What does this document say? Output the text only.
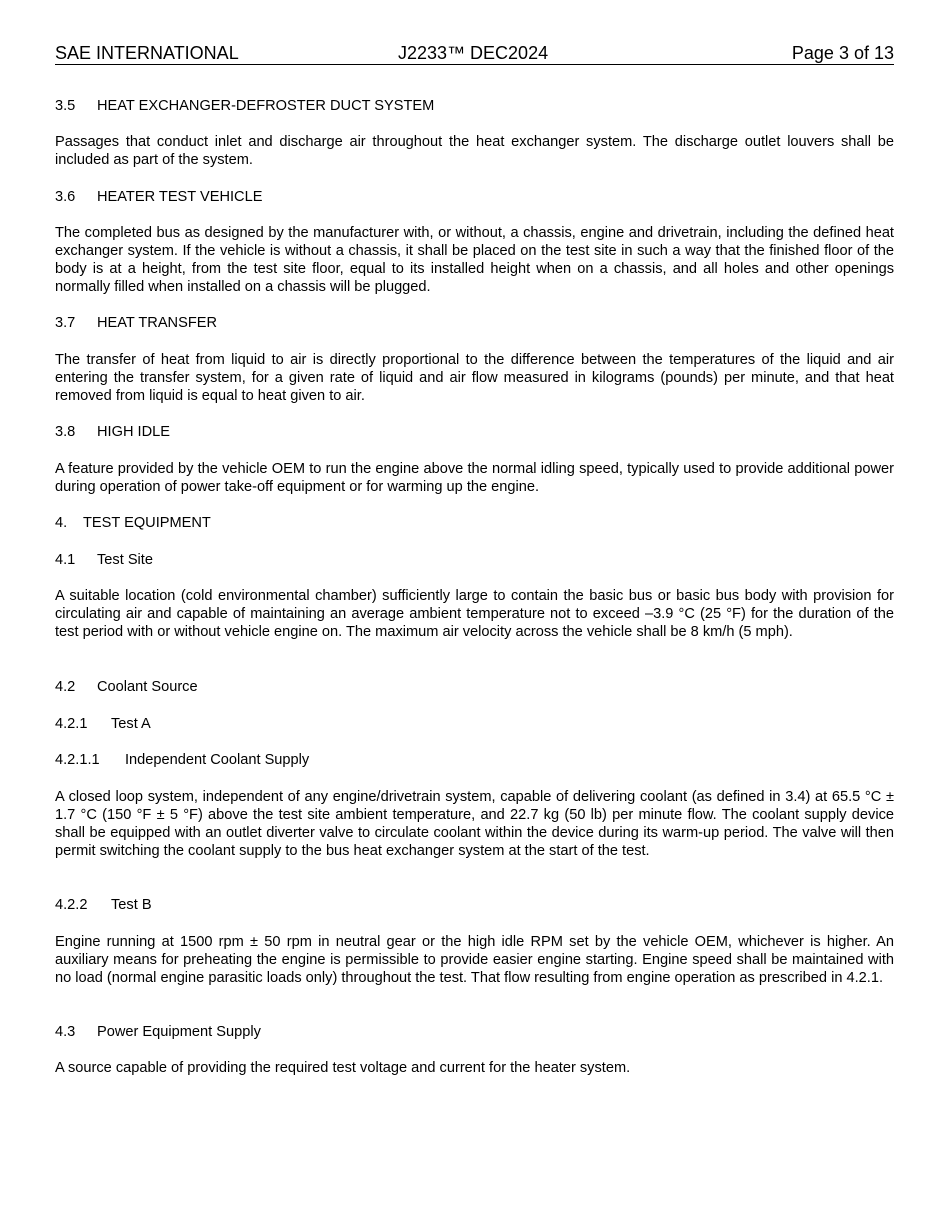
SAE INTERNATIONAL	J2233™ DEC2024	Page 3 of 13
3.5 HEAT EXCHANGER-DEFROSTER DUCT SYSTEM
Passages that conduct inlet and discharge air throughout the heat exchanger system. The discharge outlet louvers shall be included as part of the system.
3.6 HEATER TEST VEHICLE
The completed bus as designed by the manufacturer with, or without, a chassis, engine and drivetrain, including the defined heat exchanger system. If the vehicle is without a chassis, it shall be placed on the test site in such a way that the finished floor of the body is at a height, from the test site floor, equal to its installed height when on a chassis, and all holes and other openings normally filled when installed on a chassis will be plugged.
3.7 HEAT TRANSFER
The transfer of heat from liquid to air is directly proportional to the difference between the temperatures of the liquid and air entering the transfer system, for a given rate of liquid and air flow measured in kilograms (pounds) per minute, and that heat removed from liquid is equal to heat given to air.
3.8 HIGH IDLE
A feature provided by the vehicle OEM to run the engine above the normal idling speed, typically used to provide additional power during operation of power take-off equipment or for warming up the engine.
4. TEST EQUIPMENT
4.1 Test Site
A suitable location (cold environmental chamber) sufficiently large to contain the basic bus or basic bus body with provision for circulating air and capable of maintaining an average ambient temperature not to exceed –3.9 °C (25 °F) for the duration of the test period with or without vehicle engine on. The maximum air velocity across the vehicle shall be 8 km/h (5 mph).
4.2 Coolant Source
4.2.1 Test A
4.2.1.1 Independent Coolant Supply
A closed loop system, independent of any engine/drivetrain system, capable of delivering coolant (as defined in 3.4) at 65.5 °C ± 1.7 °C (150 °F ± 5 °F) above the test site ambient temperature, and 22.7 kg (50 lb) per minute flow. The coolant supply device shall be equipped with an outlet diverter valve to circulate coolant within the device during its warm-up period. The valve will then permit switching the coolant supply to the bus heat exchanger system at the start of the test.
4.2.2 Test B
Engine running at 1500 rpm ± 50 rpm in neutral gear or the high idle RPM set by the vehicle OEM, whichever is higher. An auxiliary means for preheating the engine is permissible to provide easier engine starting. Engine speed shall be maintained with no load (normal engine parasitic loads only) throughout the test. That flow resulting from engine operation as prescribed in 4.2.1.
4.3 Power Equipment Supply
A source capable of providing the required test voltage and current for the heater system.
